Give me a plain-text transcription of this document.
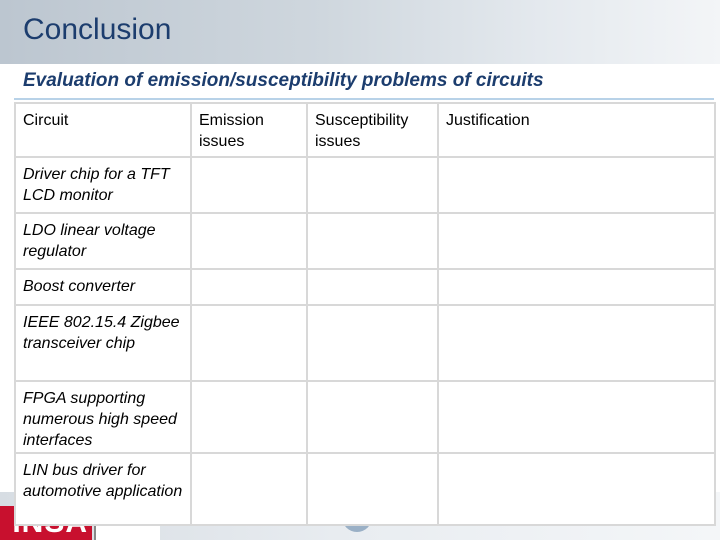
Conclusion
Evaluation of emission/susceptibility problems of circuits
Circuit	Emission issues	Susceptibility issues	Justification
Driver chip for a TFT LCD monitor			
LDO linear voltage regulator			
Boost converter			
IEEE 802.15.4 Zigbee transceiver chip			
FPGA supporting numerous high speed interfaces			
LIN bus driver for automotive application			
